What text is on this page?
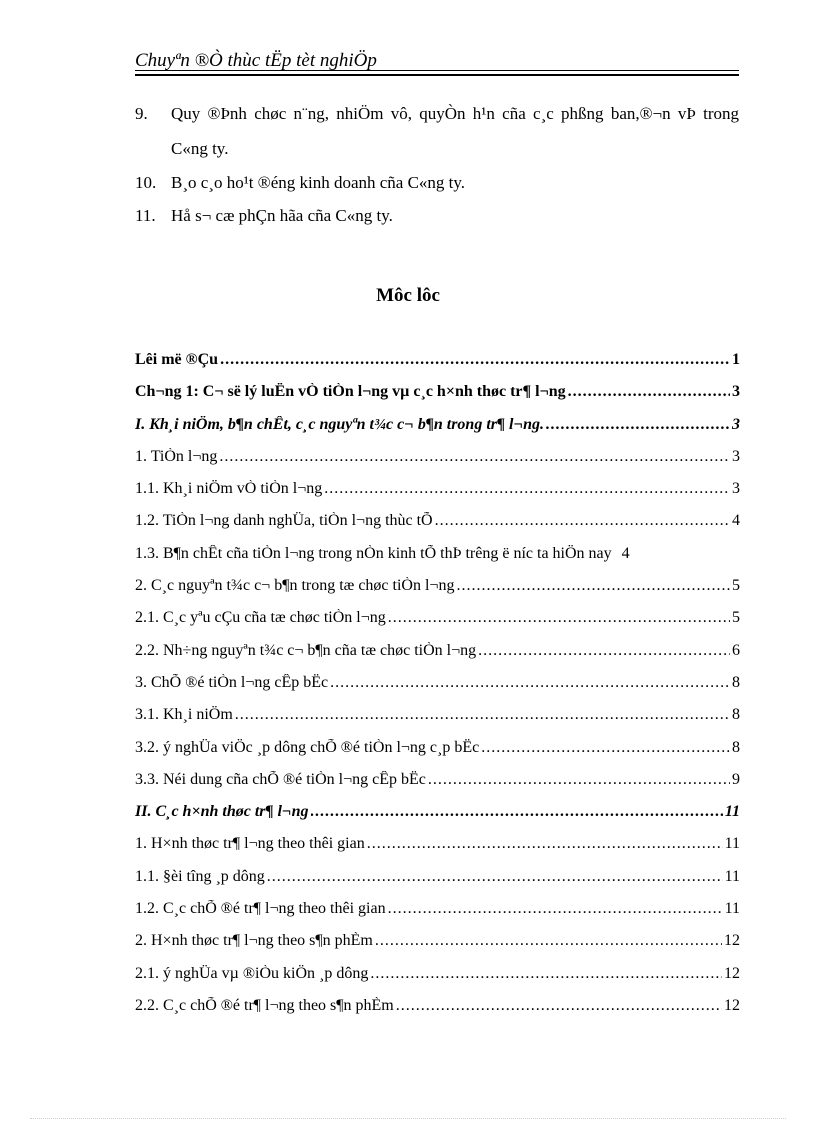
Chuyªn ®Ò thùc tËp tèt nghiÖp
9. Quy ®Þnh chøc n¨ng, nhiÖm vô, quyÒn h¹n cña c¸c phßng ban,®¬n vÞ trong C«ng ty.
10. B¸o c¸o ho¹t ®éng kinh doanh cña C«ng ty.
11. Hå s¬ cæ phÇn hãa cña C«ng ty.
Môc lôc
Lêi më ®Çu .....	1
Ch¬ng 1: C¬ së lý luËn vÒ tiÒn l¬ng vµ c¸c h×nh thøc tr¶ l¬ng .....	3
I. Kh¸i niÖm, b¶n chÊt, c¸c nguyªn t¾c c¬ b¶n trong tr¶ l¬ng. .....	3
1. TiÒn l¬ng .....	3
1.1. Kh¸i niÖm vÒ tiÒn l¬ng .....	3
1.2. TiÒn l¬ng danh nghÜa, tiÒn l¬ng thùc tÕ .....	4
1.3. B¶n chÊt cña tiÒn l¬ng trong nÒn kinh tÕ thÞ trêng ë níc ta hiÖn nay 4
2. C¸c nguyªn t¾c c¬ b¶n trong tæ chøc tiÒn l¬ng .....	5
2.1. C¸c yªu cÇu cña tæ chøc tiÒn l¬ng .....	5
2.2. Nh÷ng nguyªn t¾c c¬ b¶n cña tæ chøc tiÒn l¬ng .....	6
3. ChÕ ®é tiÒn l¬ng cÊp bËc .....	8
3.1. Kh¸i niÖm .....	8
3.2. ý nghÜa viÖc ¸p dông chÕ ®é tiÒn l¬ng c¸p bËc .....	8
3.3. Néi dung cña chÕ ®é tiÒn l¬ng cÊp bËc .....	9
II. C¸c h×nh thøc tr¶ l¬ng .....	11
1. H×nh thøc tr¶ l¬ng theo thêi gian .....	11
1.1. §èi tîng ¸p dông .....	11
1.2. C¸c chÕ ®é tr¶ l¬ng theo thêi gian .....	11
2. H×nh thøc tr¶ l¬ng theo s¶n phÈm .....	12
2.1. ý nghÜa vµ ®iÒu kiÖn ¸p dông .....	12
2.2. C¸c chÕ ®é tr¶ l¬ng theo s¶n phÈm .....	12
